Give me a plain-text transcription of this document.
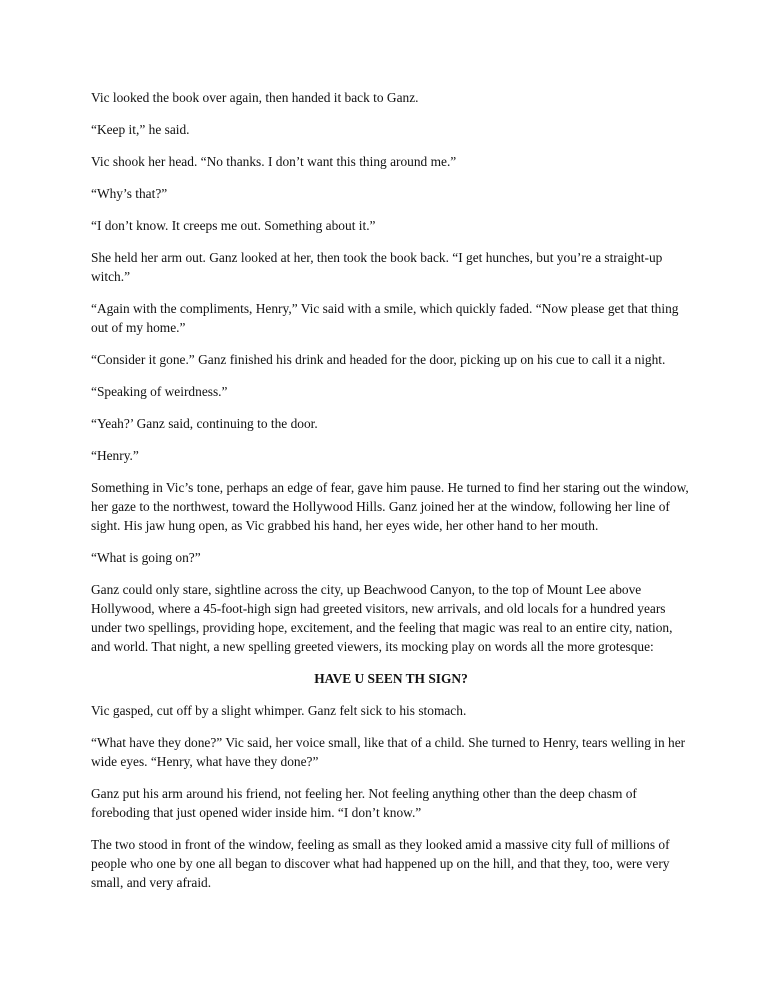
Vic looked the book over again, then handed it back to Ganz.

“Keep it,” he said.

Vic shook her head. “No thanks. I don’t want this thing around me.”

“Why’s that?”

“I don’t know. It creeps me out. Something about it.”

She held her arm out. Ganz looked at her, then took the book back. “I get hunches, but you’re a straight-up witch.”

“Again with the compliments, Henry,” Vic said with a smile, which quickly faded. “Now please get that thing out of my home.”

“Consider it gone.” Ganz finished his drink and headed for the door, picking up on his cue to call it a night.

“Speaking of weirdness.”

“Yeah?’ Ganz said, continuing to the door.

“Henry.”

Something in Vic’s tone, perhaps an edge of fear, gave him pause. He turned to find her staring out the window, her gaze to the northwest, toward the Hollywood Hills. Ganz joined her at the window, following her line of sight. His jaw hung open, as Vic grabbed his hand, her eyes wide, her other hand to her mouth.

“What is going on?”

Ganz could only stare, sightline across the city, up Beachwood Canyon, to the top of Mount Lee above Hollywood, where a 45-foot-high sign had greeted visitors, new arrivals, and old locals for a hundred years under two spellings, providing hope, excitement, and the feeling that magic was real to an entire city, nation, and world. That night, a new spelling greeted viewers, its mocking play on words all the more grotesque:

HAVE U SEEN TH SIGN?

Vic gasped, cut off by a slight whimper. Ganz felt sick to his stomach.

“What have they done?” Vic said, her voice small, like that of a child. She turned to Henry, tears welling in her wide eyes. “Henry, what have they done?”

Ganz put his arm around his friend, not feeling her. Not feeling anything other than the deep chasm of foreboding that just opened wider inside him. “I don’t know.”

The two stood in front of the window, feeling as small as they looked amid a massive city full of millions of people who one by one all began to discover what had happened up on the hill, and that they, too, were very small, and very afraid.
